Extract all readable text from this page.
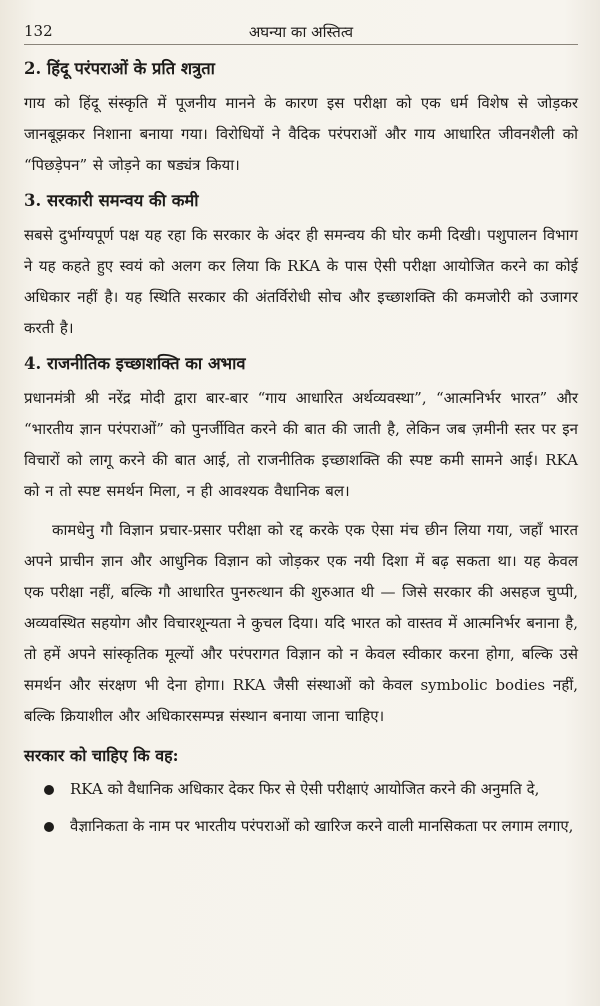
132	अघन्या का अस्तित्व
2. हिंदू परंपराओं के प्रति शत्रुता

गाय को हिंदू संस्कृति में पूजनीय मानने के कारण इस परीक्षा को एक धर्म विशेष से जोड़कर जानबूझकर निशाना बनाया गया। विरोधियों ने वैदिक परंपराओं और गाय आधारित जीवनशैली को “पिछड़ेपन” से जोड़ने का षड्यंत्र किया।

3. सरकारी समन्वय की कमी

सबसे दुर्भाग्यपूर्ण पक्ष यह रहा कि सरकार के अंदर ही समन्वय की घोर कमी दिखी। पशुपालन विभाग ने यह कहते हुए स्वयं को अलग कर लिया कि RKA के पास ऐसी परीक्षा आयोजित करने का कोई अधिकार नहीं है। यह स्थिति सरकार की अंतर्विरोधी सोच और इच्छाशक्ति की कमजोरी को उजागर करती है।

4. राजनीतिक इच्छाशक्ति का अभाव

प्रधानमंत्री श्री नरेंद्र मोदी द्वारा बार-बार “गाय आधारित अर्थव्यवस्था”, “आत्मनिर्भर भारत” और “भारतीय ज्ञान परंपराओं” को पुनर्जीवित करने की बात की जाती है, लेकिन जब ज़मीनी स्तर पर इन विचारों को लागू करने की बात आई, तो राजनीतिक इच्छाशक्ति की स्पष्ट कमी सामने आई। RKA को न तो स्पष्ट समर्थन मिला, न ही आवश्यक वैधानिक बल।

कामधेनु गौ विज्ञान प्रचार-प्रसार परीक्षा को रद्द करके एक ऐसा मंच छीन लिया गया, जहाँ भारत अपने प्राचीन ज्ञान और आधुनिक विज्ञान को जोड़कर एक नयी दिशा में बढ़ सकता था। यह केवल एक परीक्षा नहीं, बल्कि गौ आधारित पुनरुत्थान की शुरुआत थी — जिसे सरकार की असहज चुप्पी, अव्यवस्थित सहयोग और विचारशून्यता ने कुचल दिया। यदि भारत को वास्तव में आत्मनिर्भर बनाना है, तो हमें अपने सांस्कृतिक मूल्यों और परंपरागत विज्ञान को न केवल स्वीकार करना होगा, बल्कि उसे समर्थन और संरक्षण भी देना होगा। RKA जैसी संस्थाओं को केवल symbolic bodies नहीं, बल्कि क्रियाशील और अधिकारसम्पन्न संस्थान बनाया जाना चाहिए।

सरकार को चाहिए कि वह:
RKA को वैधानिक अधिकार देकर फिर से ऐसी परीक्षाएं आयोजित करने की अनुमति दे,
वैज्ञानिकता के नाम पर भारतीय परंपराओं को खारिज करने वाली मानसिकता पर लगाम लगाए,
